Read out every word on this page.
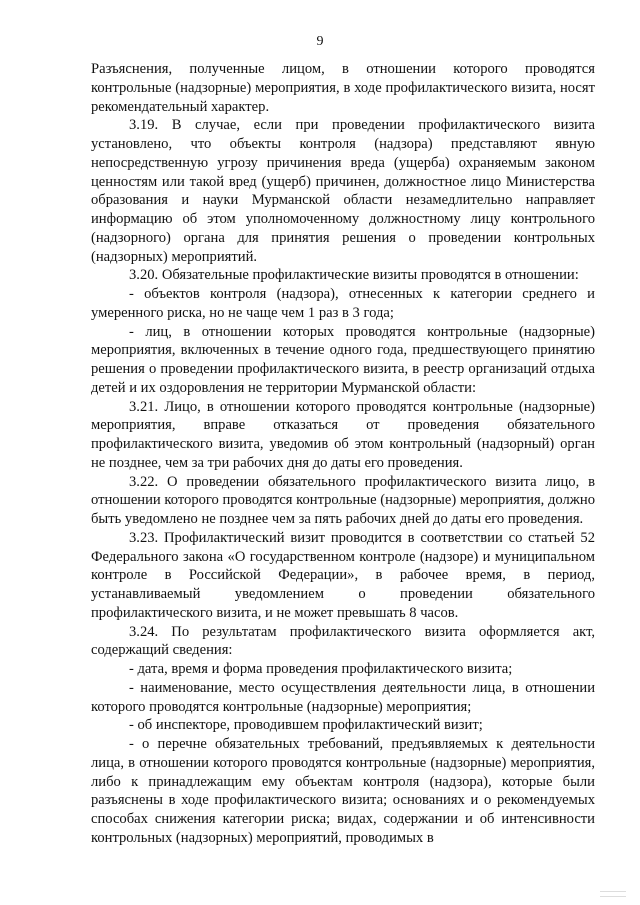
9

Разъяснения, полученные лицом, в отношении которого проводятся контрольные (надзорные) мероприятия, в ходе профилактического визита, носят рекомендательный характер.

3.19. В случае, если при проведении профилактического визита установлено, что объекты контроля (надзора) представляют явную непосредственную угрозу причинения вреда (ущерба) охраняемым законом ценностям или такой вред (ущерб) причинен, должностное лицо Министерства образования и науки Мурманской области незамедлительно направляет информацию об этом уполномоченному должностному лицу контрольного (надзорного) органа для принятия решения о проведении контрольных (надзорных) мероприятий.

3.20. Обязательные профилактические визиты проводятся в отношении:

- объектов контроля (надзора), отнесенных к категории среднего и умеренного риска, но не чаще чем 1 раз в 3 года;

- лиц, в отношении которых проводятся контрольные (надзорные) мероприятия, включенных в течение одного года, предшествующего принятию решения о проведении профилактического визита, в реестр организаций отдыха детей и их оздоровления не территории Мурманской области:

3.21. Лицо, в отношении которого проводятся контрольные (надзорные) мероприятия, вправе отказаться от проведения обязательного профилактического визита, уведомив об этом контрольный (надзорный) орган не позднее, чем за три рабочих дня до даты его проведения.

3.22. О проведении обязательного профилактического визита лицо, в отношении которого проводятся контрольные (надзорные) мероприятия, должно быть уведомлено не позднее чем за пять рабочих дней до даты его проведения.

3.23. Профилактический визит проводится в соответствии со статьей 52 Федерального закона «О государственном контроле (надзоре) и муниципальном контроле в Российской Федерации», в рабочее время, в период, устанавливаемый уведомлением о проведении обязательного профилактического визита, и не может превышать 8 часов.

3.24. По результатам профилактического визита оформляется акт, содержащий сведения:

- дата, время и форма проведения профилактического визита;

- наименование, место осуществления деятельности лица, в отношении которого проводятся контрольные (надзорные) мероприятия;

- об инспекторе, проводившем профилактический визит;

- о перечне обязательных требований, предъявляемых к деятельности лица, в отношении которого проводятся контрольные (надзорные) мероприятия, либо к принадлежащим ему объектам контроля (надзора), которые были разъяснены в ходе профилактического визита; основаниях и о рекомендуемых способах снижения категории риска; видах, содержании и об интенсивности контрольных (надзорных) мероприятий, проводимых в
